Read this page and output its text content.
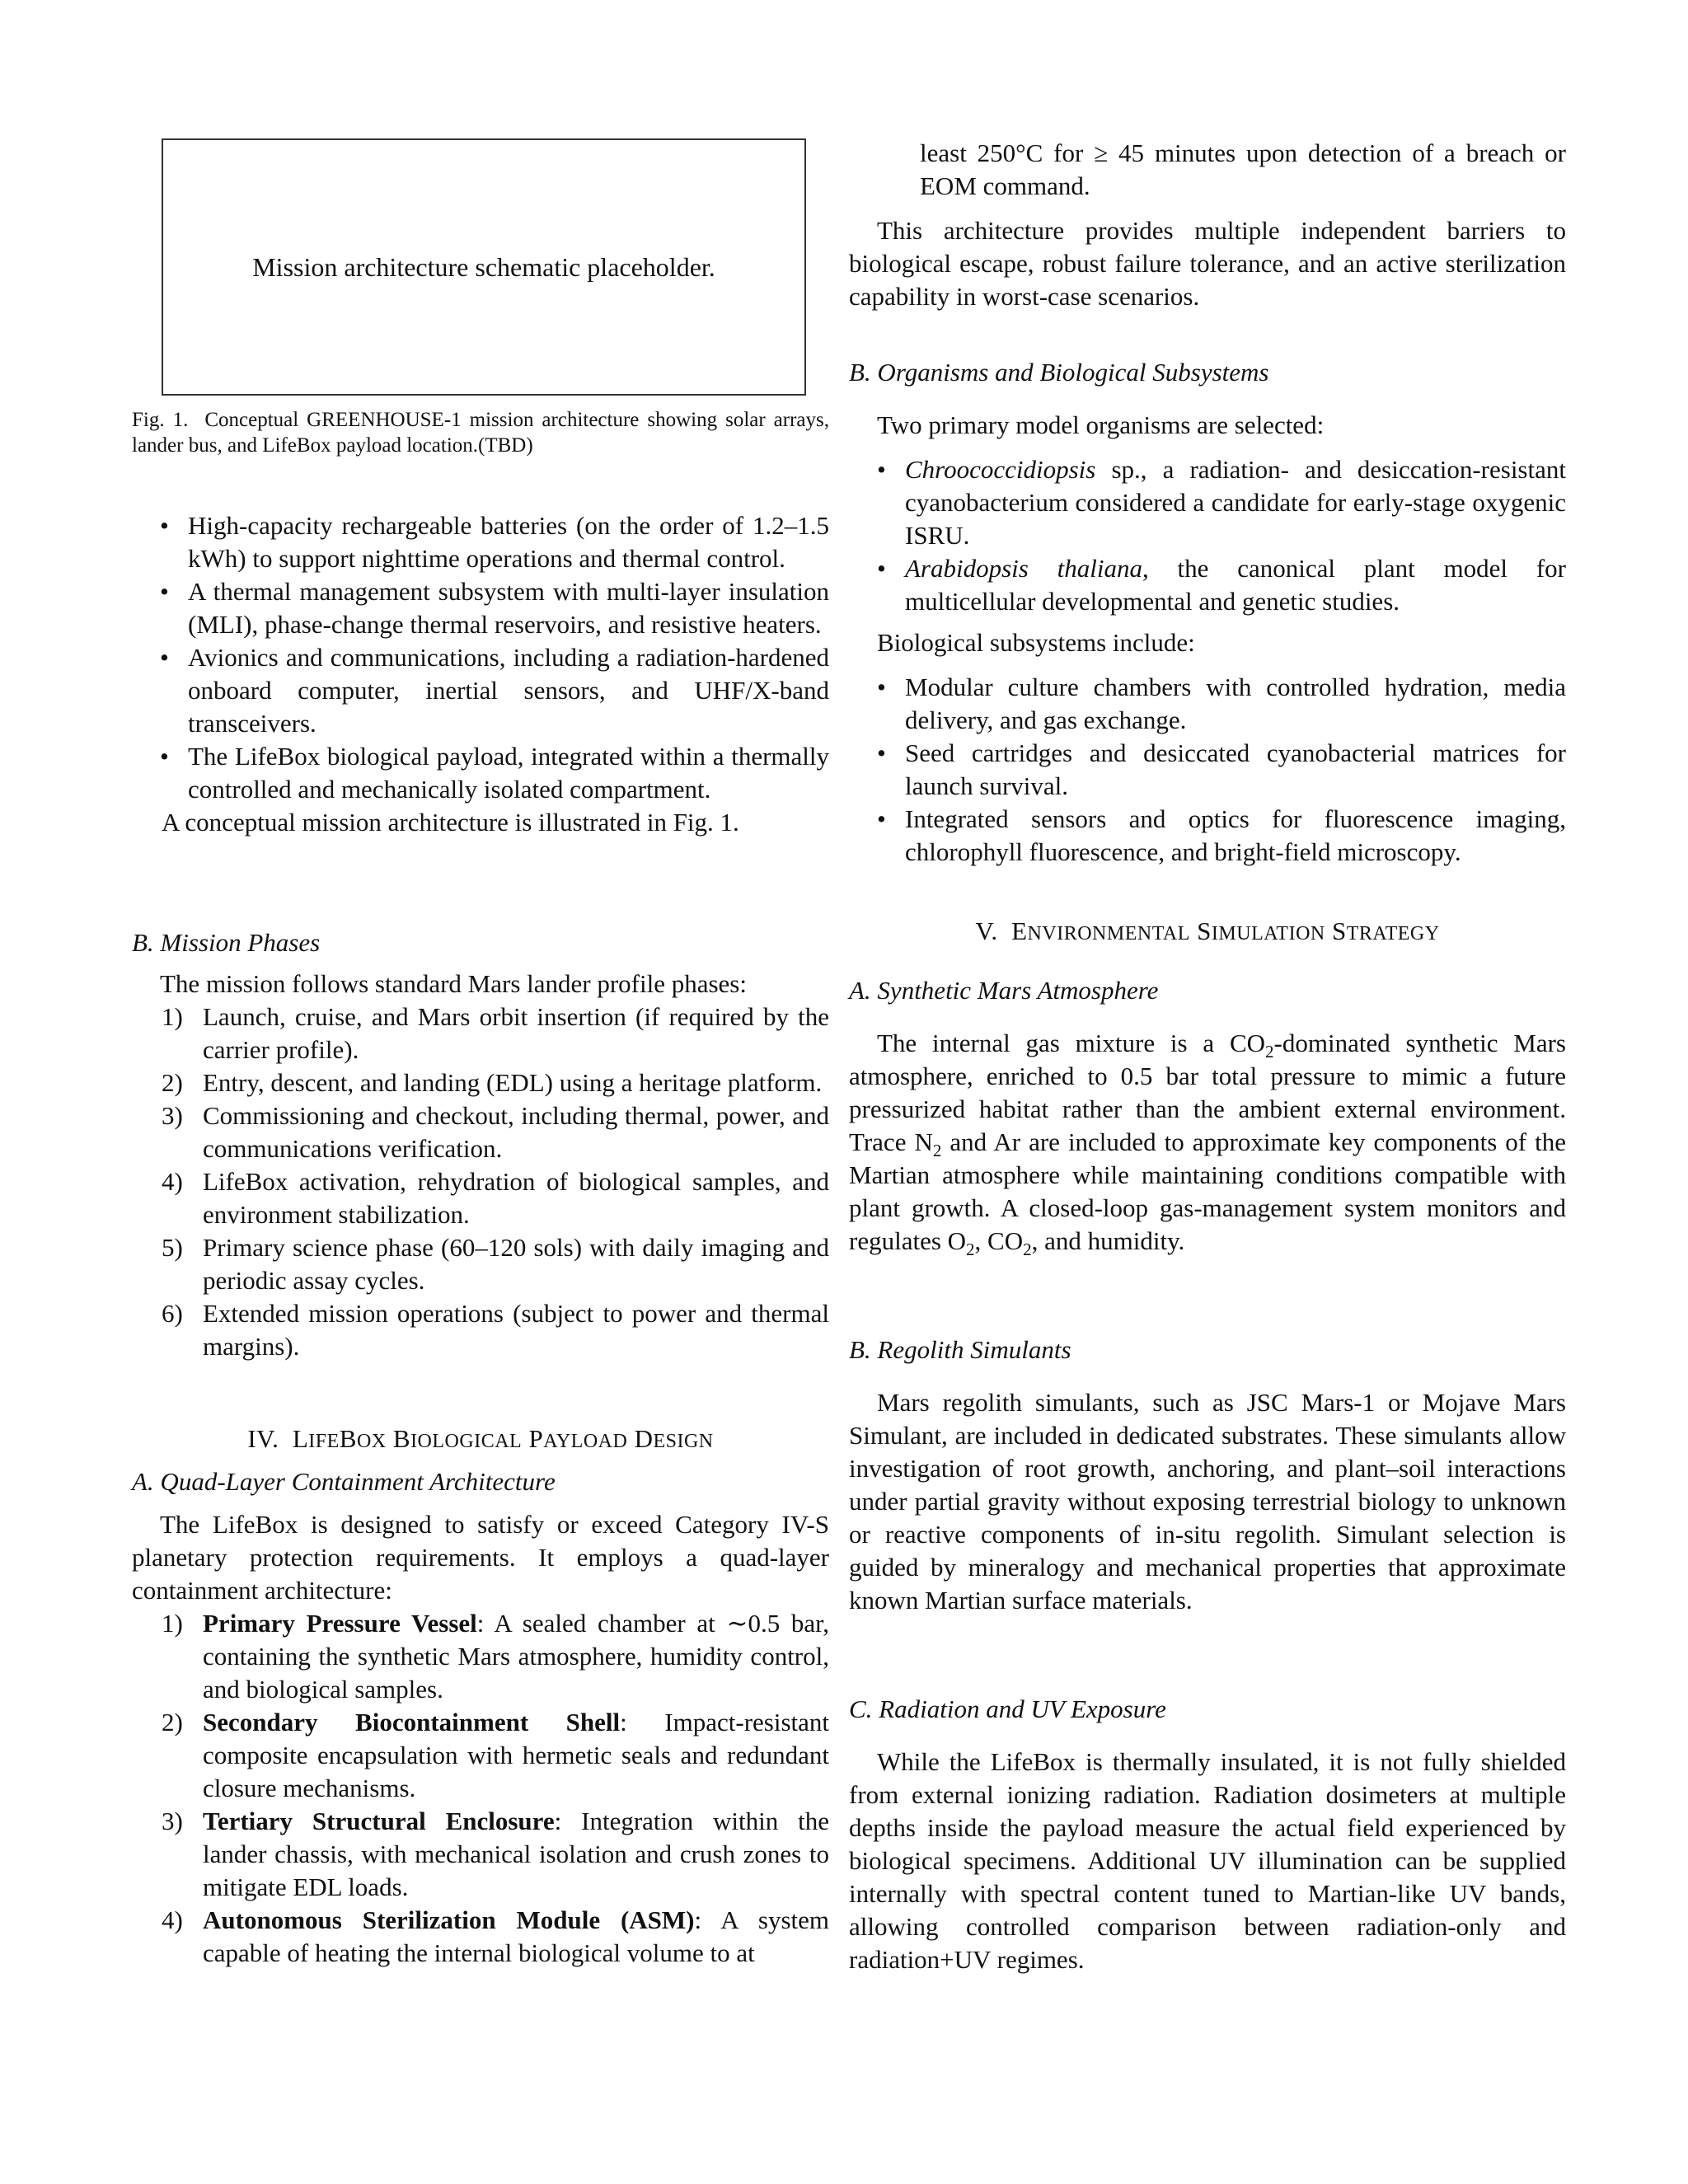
Mission architecture schematic placeholder.
Fig. 1. Conceptual GREENHOUSE-1 mission architecture showing solar arrays, lander bus, and LifeBox payload location.(TBD)
• High-capacity rechargeable batteries (on the order of 1.2–1.5 kWh) to support nighttime operations and thermal control.
• A thermal management subsystem with multi-layer insulation (MLI), phase-change thermal reservoirs, and resistive heaters.
• Avionics and communications, including a radiation-hardened onboard computer, inertial sensors, and UHF/X-band transceivers.
• The LifeBox biological payload, integrated within a thermally controlled and mechanically isolated compartment.

A conceptual mission architecture is illustrated in Fig. 1.

B. Mission Phases

The mission follows standard Mars lander profile phases:

1) Launch, cruise, and Mars orbit insertion (if required by the carrier profile).
2) Entry, descent, and landing (EDL) using a heritage platform.
3) Commissioning and checkout, including thermal, power, and communications verification.
4) LifeBox activation, rehydration of biological samples, and environment stabilization.
5) Primary science phase (60–120 sols) with daily imaging and periodic assay cycles.
6) Extended mission operations (subject to power and thermal margins).
IV. LIFEBOX BIOLOGICAL PAYLOAD DESIGN
A. Quad-Layer Containment Architecture

The LifeBox is designed to satisfy or exceed Category IV-S planetary protection requirements. It employs a quad-layer containment architecture:

1) Primary Pressure Vessel: A sealed chamber at ∼0.5 bar, containing the synthetic Mars atmosphere, humidity control, and biological samples.
2) Secondary Biocontainment Shell: Impact-resistant composite encapsulation with hermetic seals and redundant closure mechanisms.
3) Tertiary Structural Enclosure: Integration within the lander chassis, with mechanical isolation and crush zones to mitigate EDL loads.
4) Autonomous Sterilization Module (ASM): A system capable of heating the internal biological volume to at

least 250°C for ≥ 45 minutes upon detection of a breach or EOM command.

This architecture provides multiple independent barriers to biological escape, robust failure tolerance, and an active sterilization capability in worst-case scenarios.

B. Organisms and Biological Subsystems

Two primary model organisms are selected:

• Chroococcidiopsis sp., a radiation- and desiccation-resistant cyanobacterium considered a candidate for early-stage oxygenic ISRU.
• Arabidopsis thaliana, the canonical plant model for multicellular developmental and genetic studies.

Biological subsystems include:

• Modular culture chambers with controlled hydration, media delivery, and gas exchange.
• Seed cartridges and desiccated cyanobacterial matrices for launch survival.
• Integrated sensors and optics for fluorescence imaging, chlorophyll fluorescence, and bright-field microscopy.
V. ENVIRONMENTAL SIMULATION STRATEGY
A. Synthetic Mars Atmosphere

The internal gas mixture is a $CO_2$-dominated synthetic Mars atmosphere, enriched to 0.5 bar total pressure to mimic a future pressurized habitat rather than the ambient external environment. Trace $N_2$ and Ar are included to approximate key components of the Martian atmosphere while maintaining conditions compatible with plant growth. A closed-loop gas-management system monitors and regulates $O_2$, $CO_2$, and humidity.

B. Regolith Simulants

Mars regolith simulants, such as JSC Mars-1 or Mojave Mars Simulant, are included in dedicated substrates. These simulants allow investigation of root growth, anchoring, and plant–soil interactions under partial gravity without exposing terrestrial biology to unknown or reactive components of in-situ regolith. Simulant selection is guided by mineralogy and mechanical properties that approximate known Martian surface materials.

C. Radiation and UV Exposure

While the LifeBox is thermally insulated, it is not fully shielded from external ionizing radiation. Radiation dosimeters at multiple depths inside the payload measure the actual field experienced by biological specimens. Additional UV illumination can be supplied internally with spectral content tuned to Martian-like UV bands, allowing controlled comparison between radiation-only and radiation+UV regimes.
